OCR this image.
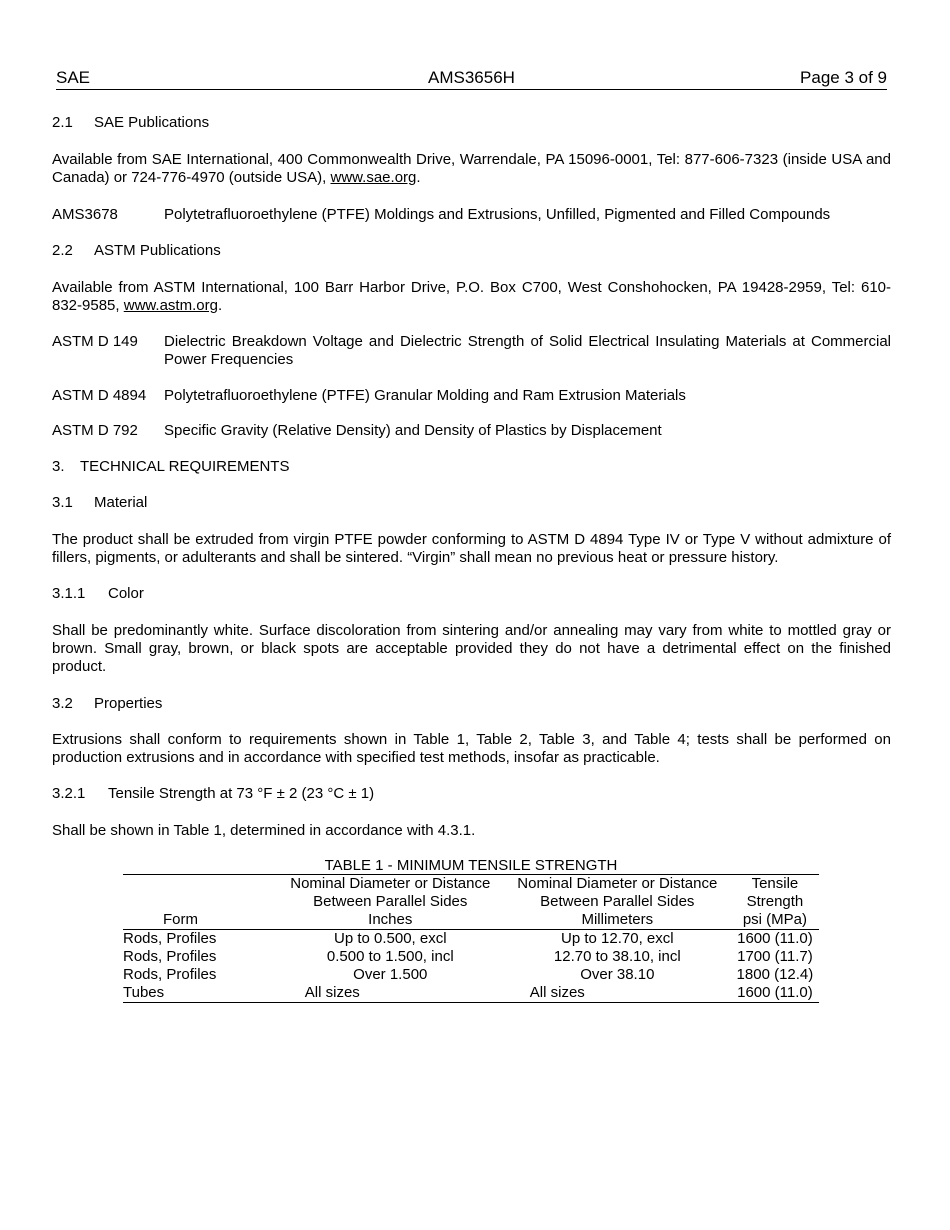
SAE	AMS3656H	Page 3 of 9
2.1 SAE Publications

Available from SAE International, 400 Commonwealth Drive, Warrendale, PA 15096-0001, Tel: 877-606-7323 (inside USA and Canada) or 724-776-4970 (outside USA), www.sae.org.

AMS3678	Polytetrafluoroethylene (PTFE) Moldings and Extrusions, Unfilled, Pigmented and Filled Compounds
2.2 ASTM Publications

Available from ASTM International, 100 Barr Harbor Drive, P.O. Box C700, West Conshohocken, PA 19428-2959, Tel: 610-832-9585, www.astm.org.

ASTM D 149 Dielectric Breakdown Voltage and Dielectric Strength of Solid Electrical Insulating Materials at Commercial Power Frequencies
ASTM D 4894 Polytetrafluoroethylene (PTFE) Granular Molding and Ram Extrusion Materials
ASTM D 792 Specific Gravity (Relative Density) and Density of Plastics by Displacement
3. TECHNICAL REQUIREMENTS
3.1 Material

The product shall be extruded from virgin PTFE powder conforming to ASTM D 4894 Type IV or Type V without admixture of fillers, pigments, or adulterants and shall be sintered. “Virgin” shall mean no previous heat or pressure history.

3.1.1 Color

Shall be predominantly white. Surface discoloration from sintering and/or annealing may vary from white to mottled gray or brown. Small gray, brown, or black spots are acceptable provided they do not have a detrimental effect on the finished product.

3.2 Properties

Extrusions shall conform to requirements shown in Table 1, Table 2, Table 3, and Table 4; tests shall be performed on production extrusions and in accordance with specified test methods, insofar as practicable.

3.2.1 Tensile Strength at 73 °F ± 2 (23 °C ± 1)

Shall be shown in Table 1, determined in accordance with 4.3.1.

TABLE 1 - MINIMUM TENSILE STRENGTH
	Nominal Diameter or Distance	Nominal Diameter or Distance	Tensile
	Between Parallel Sides	Between Parallel Sides	Strength
Form	Inches	Millimeters	psi (MPa)
Rods, Profiles	Up to 0.500, excl	Up to 12.70, excl	1600 (11.0)
Rods, Profiles	0.500 to 1.500, incl	12.70 to 38.10, incl	1700 (11.7)
Rods, Profiles	Over 1.500	Over 38.10	1800 (12.4)
Tubes	All sizes	All sizes	1600 (11.0)
